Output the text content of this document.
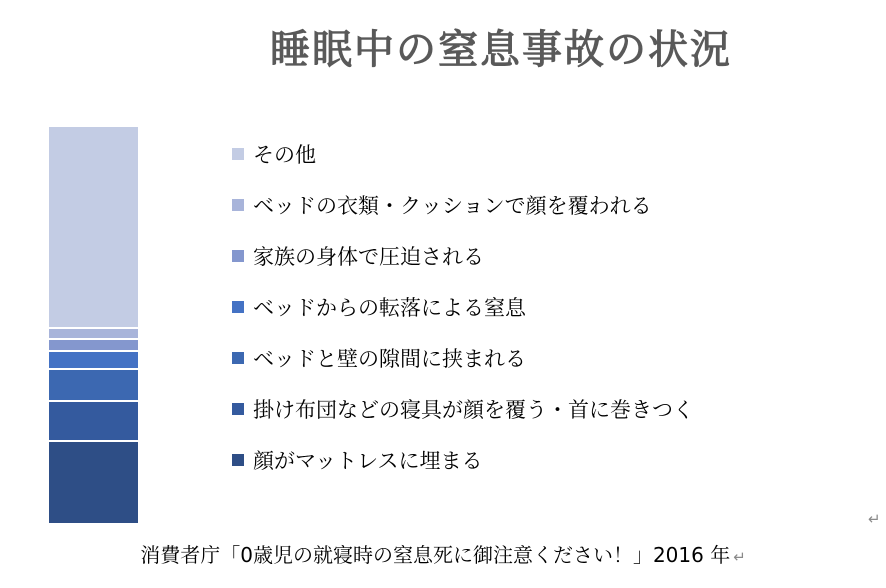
睡眠中の窒息事故の状況
その他
ベッドの衣類・クッションで顔を覆われる
家族の身体で圧迫される
ベッドからの転落による窒息
ベッドと壁の隙間に挟まれる
掛け布団などの寝具が顔を覆う・首に巻きつく
顔がマットレスに埋まる
消費者庁「0歳児の就寝時の窒息死に御注意ください！」2016 年 ↵
↵
